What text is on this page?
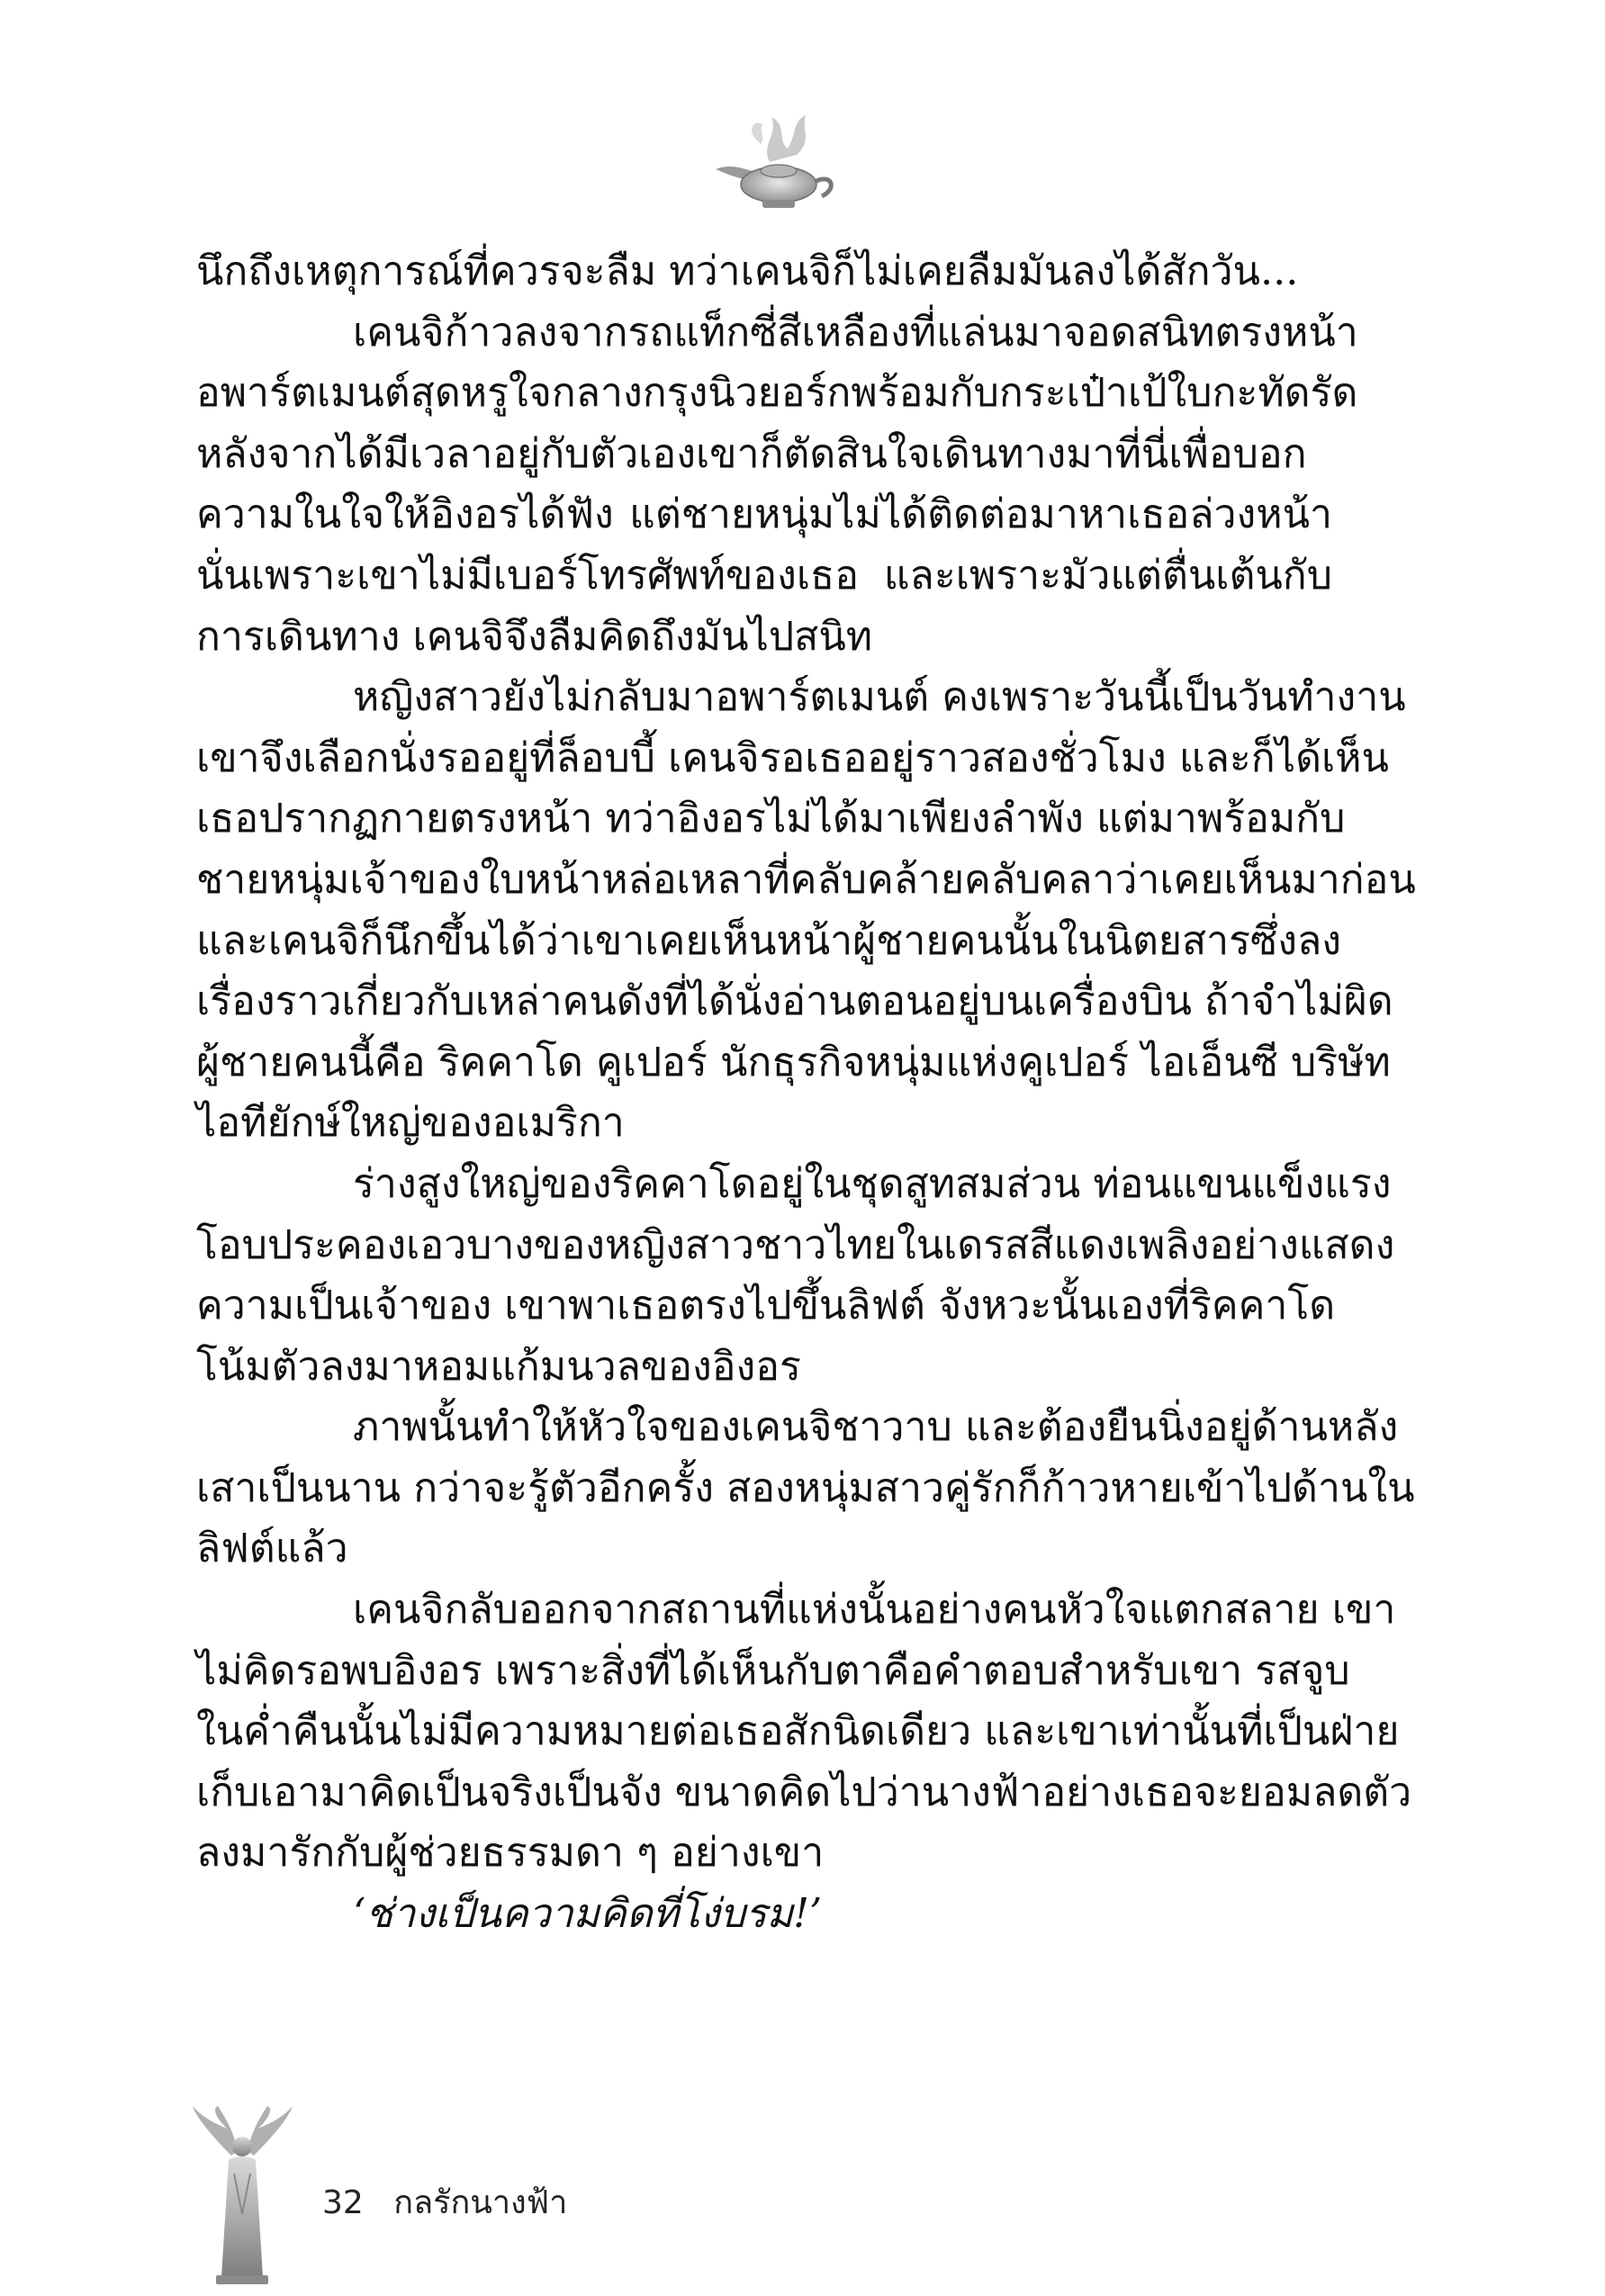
นึกถึงเหตุการณ์ที่ควรจะลืม ทว่าเคนจิก็ไม่เคยลืมมันลงได้สักวัน...
เคนจิก้าวลงจากรถแท็กซี่สีเหลืองที่แล่นมาจอดสนิทตรงหน้า
อพาร์ตเมนต์สุดหรูใจกลางกรุงนิวยอร์กพร้อมกับกระเป๋าเป้ใบกะทัดรัด
หลังจากได้มีเวลาอยู่กับตัวเองเขาก็ตัดสินใจเดินทางมาที่นี่เพื่อบอก
ความในใจให้อิงอรได้ฟัง แต่ชายหนุ่มไม่ได้ติดต่อมาหาเธอล่วงหน้า
นั่นเพราะเขาไม่มีเบอร์โทรศัพท์ของเธอ และเพราะมัวแต่ตื่นเต้นกับ
การเดินทาง เคนจิจึงลืมคิดถึงมันไปสนิท
หญิงสาวยังไม่กลับมาอพาร์ตเมนต์ คงเพราะวันนี้เป็นวันทำงาน
เขาจึงเลือกนั่งรออยู่ที่ล็อบบี้ เคนจิรอเธออยู่ราวสองชั่วโมง และก็ได้เห็น
เธอปรากฏกายตรงหน้า ทว่าอิงอรไม่ได้มาเพียงลำพัง แต่มาพร้อมกับ
ชายหนุ่มเจ้าของใบหน้าหล่อเหลาที่คลับคล้ายคลับคลาว่าเคยเห็นมาก่อน
และเคนจิก็นึกขึ้นได้ว่าเขาเคยเห็นหน้าผู้ชายคนนั้นในนิตยสารซึ่งลง
เรื่องราวเกี่ยวกับเหล่าคนดังที่ได้นั่งอ่านตอนอยู่บนเครื่องบิน ถ้าจำไม่ผิด
ผู้ชายคนนี้คือ ริคคาโด คูเปอร์ นักธุรกิจหนุ่มแห่งคูเปอร์ ไอเอ็นซี บริษัท
ไอทียักษ์ใหญ่ของอเมริกา
ร่างสูงใหญ่ของริคคาโดอยู่ในชุดสูทสมส่วน ท่อนแขนแข็งแรง
โอบประคองเอวบางของหญิงสาวชาวไทยในเดรสสีแดงเพลิงอย่างแสดง
ความเป็นเจ้าของ เขาพาเธอตรงไปขึ้นลิฟต์ จังหวะนั้นเองที่ริคคาโด
โน้มตัวลงมาหอมแก้มนวลของอิงอร
ภาพนั้นทำให้หัวใจของเคนจิชาวาบ และต้องยืนนิ่งอยู่ด้านหลัง
เสาเป็นนาน กว่าจะรู้ตัวอีกครั้ง สองหนุ่มสาวคู่รักก็ก้าวหายเข้าไปด้านใน
ลิฟต์แล้ว
เคนจิกลับออกจากสถานที่แห่งนั้นอย่างคนหัวใจแตกสลาย เขา
ไม่คิดรอพบอิงอร เพราะสิ่งที่ได้เห็นกับตาคือคำตอบสำหรับเขา รสจูบ
ในค่ำคืนนั้นไม่มีความหมายต่อเธอสักนิดเดียว และเขาเท่านั้นที่เป็นฝ่าย
เก็บเอามาคิดเป็นจริงเป็นจัง ขนาดคิดไปว่านางฟ้าอย่างเธอจะยอมลดตัว
ลงมารักกับผู้ช่วยธรรมดา ๆ อย่างเขา
‘ช่างเป็นความคิดที่โง่บรม!’
32 กลรักนางฟ้า
